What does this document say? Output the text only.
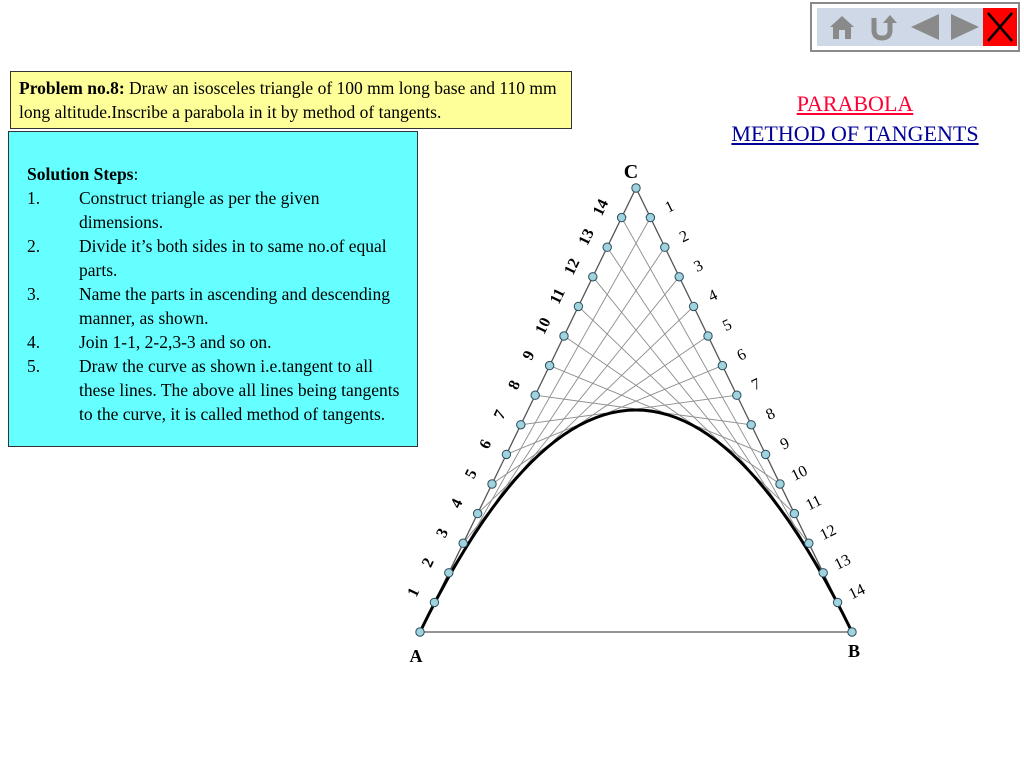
Problem no.8: Draw an isosceles triangle of 100 mm long base and 110 mm long altitude.Inscribe a parabola in it by method of tangents.
Solution Steps:
1. Construct triangle as per the given dimensions.
2. Divide it’s both sides in to same no.of equal parts.
3. Name the parts in ascending and descending manner, as shown.
4. Join 1-1, 2-2,3-3 and so on.
5. Draw the curve as shown i.e.tangent to all these lines. The above all lines being tangents to the curve, it is called method of tangents.
PARABOLA
METHOD OF TANGENTS
1
2
3
4
5
6
7
8
9
10
11
12
13
14	1
2
3
4
5
6
7
8
9
10
11
12
13
14
A	B
C
